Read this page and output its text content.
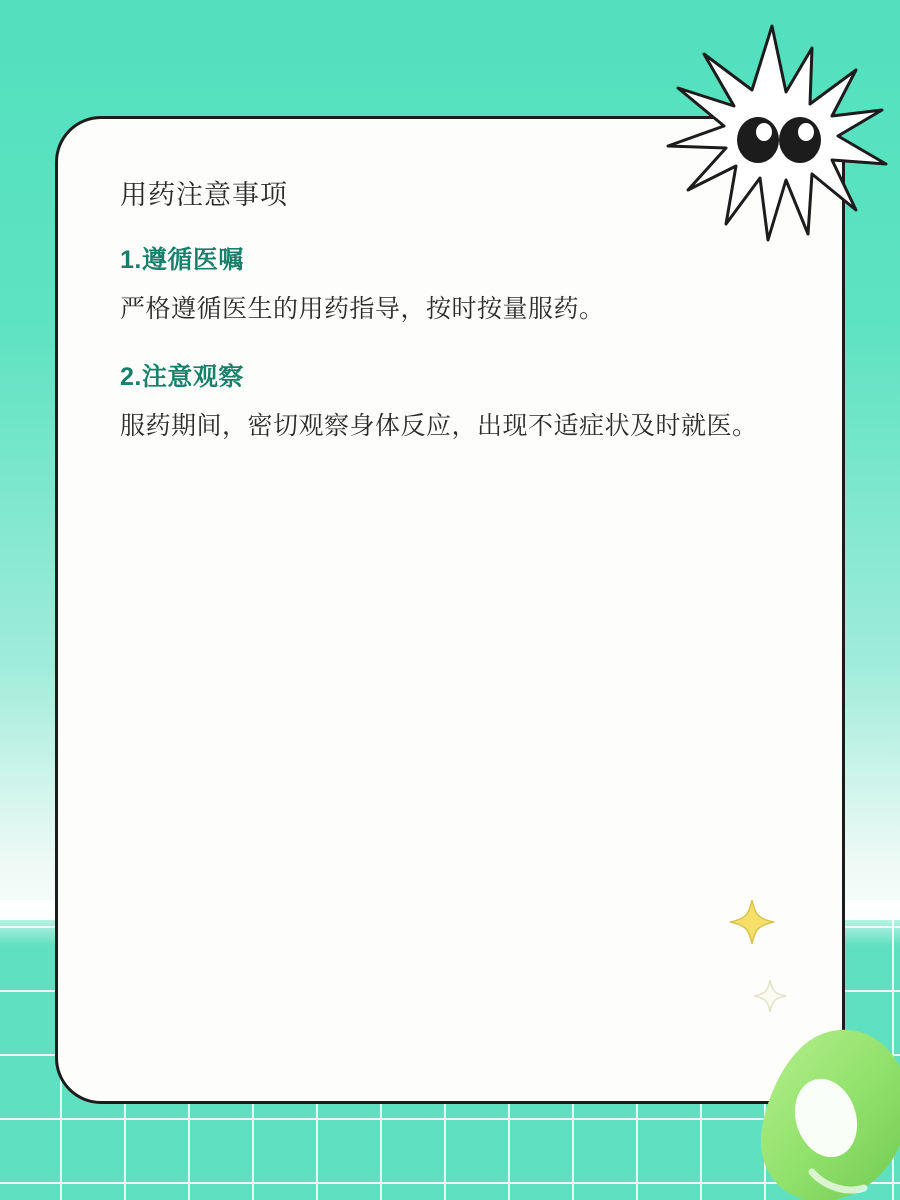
用药注意事项
1.遵循医嘱

严格遵循医生的用药指导，按时按量服药。

2.注意观察

服药期间，密切观察身体反应，出现不适症状及时就医。
